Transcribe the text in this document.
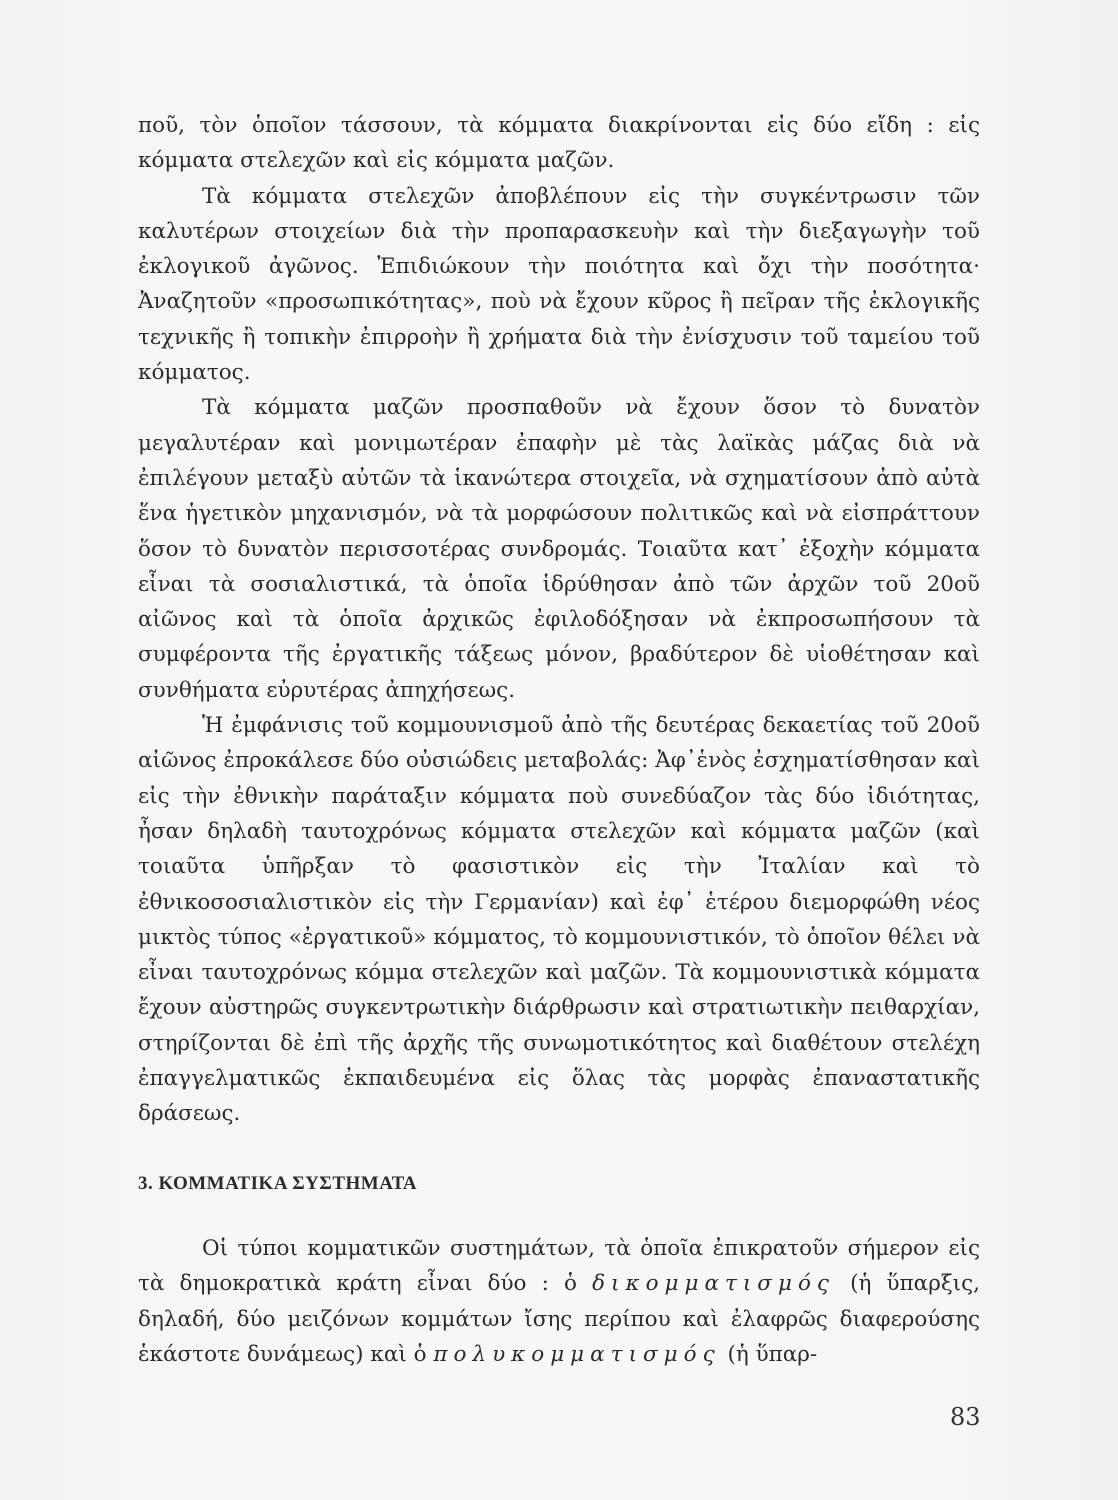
ποῦ, τὸν ὁποῖον τάσσουν, τὰ κόμματα διακρίνονται εἰς δύο εἴδη : εἰς κόμματα στελεχῶν καὶ εἰς κόμματα μαζῶν.

Τὰ κόμματα στελεχῶν ἀποβλέπουν εἰς τὴν συγκέντρωσιν τῶν καλυτέρων στοιχείων διὰ τὴν προπαρασκευὴν καὶ τὴν διεξαγωγὴν τοῦ ἐκλογικοῦ ἀγῶνος. Ἐπιδιώκουν τὴν ποιότητα καὶ ὄχι τὴν ποσότητα· Ἀναζητοῦν «προσωπικότητας», ποὺ νὰ ἔχουν κῦρος ἢ πεῖραν τῆς ἐκλογικῆς τεχνικῆς ἢ τοπικὴν ἐπιρροὴν ἢ χρήματα διὰ τὴν ἐνίσχυσιν τοῦ ταμείου τοῦ κόμματος.

Τὰ κόμματα μαζῶν προσπαθοῦν νὰ ἔχουν ὅσον τὸ δυνατὸν μεγαλυτέραν καὶ μονιμωτέραν ἐπαφὴν μὲ τὰς λαϊκὰς μάζας διὰ νὰ ἐπιλέγουν μεταξὺ αὐτῶν τὰ ἱκανώτερα στοιχεῖα, νὰ σχηματίσουν ἀπὸ αὐτὰ ἕνα ἡγετικὸν μηχανισμόν, νὰ τὰ μορφώσουν πολιτικῶς καὶ νὰ εἰσπράττουν ὅσον τὸ δυνατὸν περισσοτέρας συνδρομάς. Τοιαῦτα κατ᾿ ἐξοχὴν κόμματα εἶναι τὰ σοσιαλιστικά, τὰ ὁποῖα ἱδρύθησαν ἀπὸ τῶν ἀρχῶν τοῦ 20οῦ αἰῶνος καὶ τὰ ὁποῖα ἀρχικῶς ἐφιλοδόξησαν νὰ ἐκπροσωπήσουν τὰ συμφέροντα τῆς ἐργατικῆς τάξεως μόνον, βραδύτερον δὲ υἱοθέτησαν καὶ συνθήματα εὐρυτέρας ἀπηχήσεως.

Ἡ ἐμφάνισις τοῦ κομμουνισμοῦ ἀπὸ τῆς δευτέρας δεκαετίας τοῦ 20οῦ αἰῶνος ἐπροκάλεσε δύο οὐσιώδεις μεταβολάς: Ἀφ᾿ἑνὸς ἐσχηματίσθησαν καὶ εἰς τὴν ἐθνικὴν παράταξιν κόμματα ποὺ συνεδύαζον τὰς δύο ἰδιότητας, ἦσαν δηλαδὴ ταυτοχρόνως κόμματα στελεχῶν καὶ κόμματα μαζῶν (καὶ τοιαῦτα ὑπῆρξαν τὸ φασιστικὸν εἰς τὴν Ἰταλίαν καὶ τὸ ἐθνικοσοσιαλιστικὸν εἰς τὴν Γερμανίαν) καὶ ἐφ᾿ ἑτέρου διεμορφώθη νέος μικτὸς τύπος «ἐργατικοῦ» κόμματος, τὸ κομμουνιστικόν, τὸ ὁποῖον θέλει νὰ εἶναι ταυτοχρόνως κόμμα στελεχῶν καὶ μαζῶν. Τὰ κομμουνιστικὰ κόμματα ἔχουν αὐστηρῶς συγκεντρωτικὴν διάρθρωσιν καὶ στρατιωτικὴν πειθαρχίαν, στηρίζονται δὲ ἐπὶ τῆς ἀρχῆς τῆς συνωμοτικότητος καὶ διαθέτουν στελέχη ἐπαγγελματικῶς ἐκπαιδευμένα εἰς ὅλας τὰς μορφὰς ἐπαναστατικῆς δράσεως.

3. ΚΟΜΜΑΤΙΚΑ ΣΥΣΤΗΜΑΤΑ

Οἱ τύποι κομματικῶν συστημάτων, τὰ ὁποῖα ἐπικρατοῦν σήμερον εἰς τὰ δημοκρατικὰ κράτη εἶναι δύο : ὁ δικομματισμός (ἡ ὕπαρξις, δηλαδή, δύο μειζόνων κομμάτων ἴσης περίπου καὶ ἐλαφρῶς διαφερούσης ἑκάστοτε δυνάμεως) καὶ ὁ πολυκομματισμός (ἡ ὕπαρ-

83
